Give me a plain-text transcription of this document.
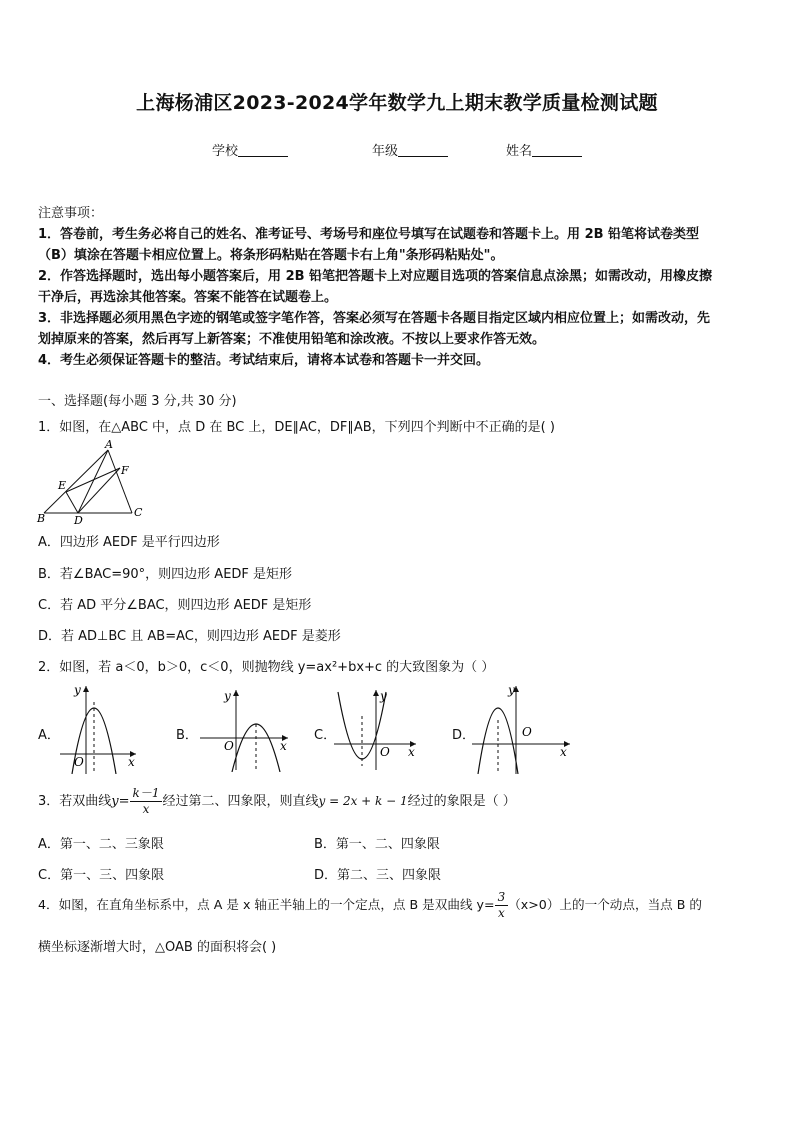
上海杨浦区2023-2024学年数学九上期末教学质量检测试题
学校	年级	姓名

注意事项：

1．答卷前，考生务必将自己的姓名、准考证号、考场号和座位号填写在试题卷和答题卡上。用 2B 铅笔将试卷类型

（B）填涂在答题卡相应位置上。将条形码粘贴在答题卡右上角"条形码粘贴处"。

2．作答选择题时，选出每小题答案后，用 2B 铅笔把答题卡上对应题目选项的答案信息点涂黑；如需改动，用橡皮擦

干净后，再选涂其他答案。答案不能答在试题卷上。

3．非选择题必须用黑色字迹的钢笔或签字笔作答，答案必须写在答题卡各题目指定区域内相应位置上；如需改动，先

划掉原来的答案，然后再写上新答案；不准使用铅笔和涂改液。不按以上要求作答无效。

4．考生必须保证答题卡的整洁。考试结束后，请将本试卷和答题卡一并交回。

一、选择题(每小题 3 分,共 30 分)
1．如图，在△ABC 中，点 D 在 BC 上，DE∥AC，DF∥AB，下列四个判断中不正确的是( )
A
B	C
D
E
F
A．四边形 AEDF 是平行四边形
B．若∠BAC=90°，则四边形 AEDF 是矩形
C．若 AD 平分∠BAC，则四边形 AEDF 是矩形
D．若 AD⊥BC 且 AB=AC，则四边形 AEDF 是菱形
2．如图，若 a＜0，b＞0，c＜0，则抛物线 y=ax²+bx+c 的大致图象为（ ）
A．
y
x
O
B．
y
x
O
C．
y
x
O
D．
y
x
O
3．若双曲线$y= \frac{k-1}{x}$ 经过第二、四象限，则直线y = 2x + k − 1经过的象限是（ ）
A．第一、二、三象限	B．第一、二、四象限
C．第一、三、四象限	D．第二、三、四象限
4．如图，在直角坐标系中，点 A 是 x 轴正半轴上的一个定点，点 B 是双曲线 $y= \frac{3}{x} (x>0)$上的一个动点，当点 B 的
横坐标逐渐增大时，△OAB 的面积将会( )
